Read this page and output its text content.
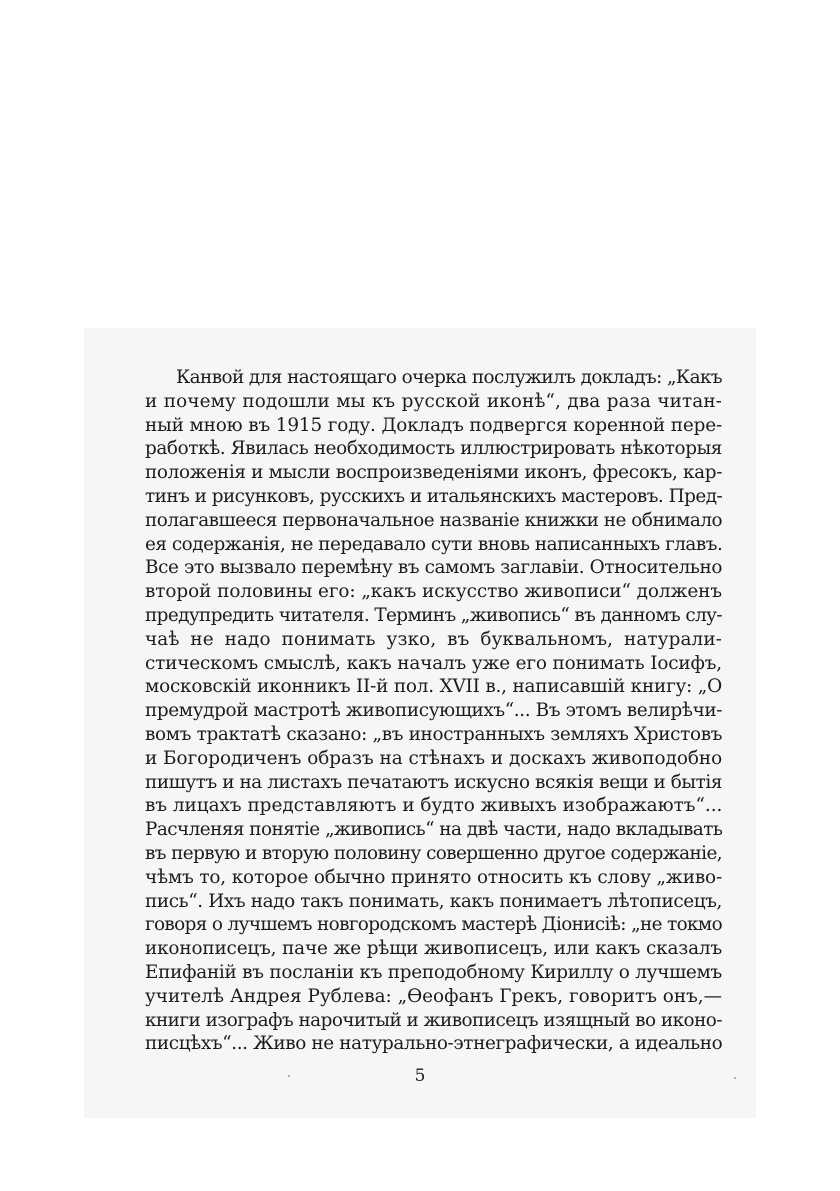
Канвой для настоящаго очерка послужилъ докладъ: „Какъ
и почему подошли мы къ русской иконѣ“, два раза читан-
ный мною въ 1915 году. Докладъ подвергся коренной пере-
работкѣ. Явилась необходимость иллюстрировать нѣкоторыя
положенія и мысли воспроизведеніями иконъ, фресокъ, кар-
тинъ и рисунковъ, русскихъ и итальянскихъ мастеровъ. Пред-
полагавшееся первоначальное названіе книжки не обнимало
ея содержанія, не передавало сути вновь написанныхъ главъ.
Все это вызвало перемѣну въ самомъ заглавіи. Относительно
второй половины его: „какъ искусство живописи“ долженъ
предупредить читателя. Терминъ „живопись“ въ данномъ слу-
чаѣ не надо понимать узко, въ буквальномъ, натурали-
стическомъ смыслѣ, какъ началъ уже его понимать Іосифъ,
московскій иконникъ II-й пол. XVII в., написавшій книгу: „О
премудрой мастротѣ живописующихъ“... Въ этомъ велирѣчи-
вомъ трактатѣ сказано: „въ иностранныхъ земляхъ Христовъ
и Богородиченъ образъ на стѣнахъ и доскахъ живоподобно
пишутъ и на листахъ печатаютъ искусно всякія вещи и бытія
въ лицахъ представляютъ и будто живыхъ изображаютъ“...
Расчленяя понятіе „живопись“ на двѣ части, надо вкладывать
въ первую и вторую половину совершенно другое содержаніе,
чѣмъ то, которое обычно принято относить къ слову „живо-
пись“. Ихъ надо такъ понимать, какъ понимаетъ лѣтописецъ,
говоря о лучшемъ новгородскомъ мастерѣ Діонисіѣ: „не токмо
иконописецъ, паче же рѣщи живописецъ, или какъ сказалъ
Епифаній въ посланіи къ преподобному Кириллу о лучшемъ
учителѣ Андрея Рублева: „Ѳеофанъ Грекъ, говоритъ онъ,—
книги изографъ нарочитый и живописецъ изящный во иконо-
писцѣхъ“... Живо не натурально-этнеграфически, а идеально
5
